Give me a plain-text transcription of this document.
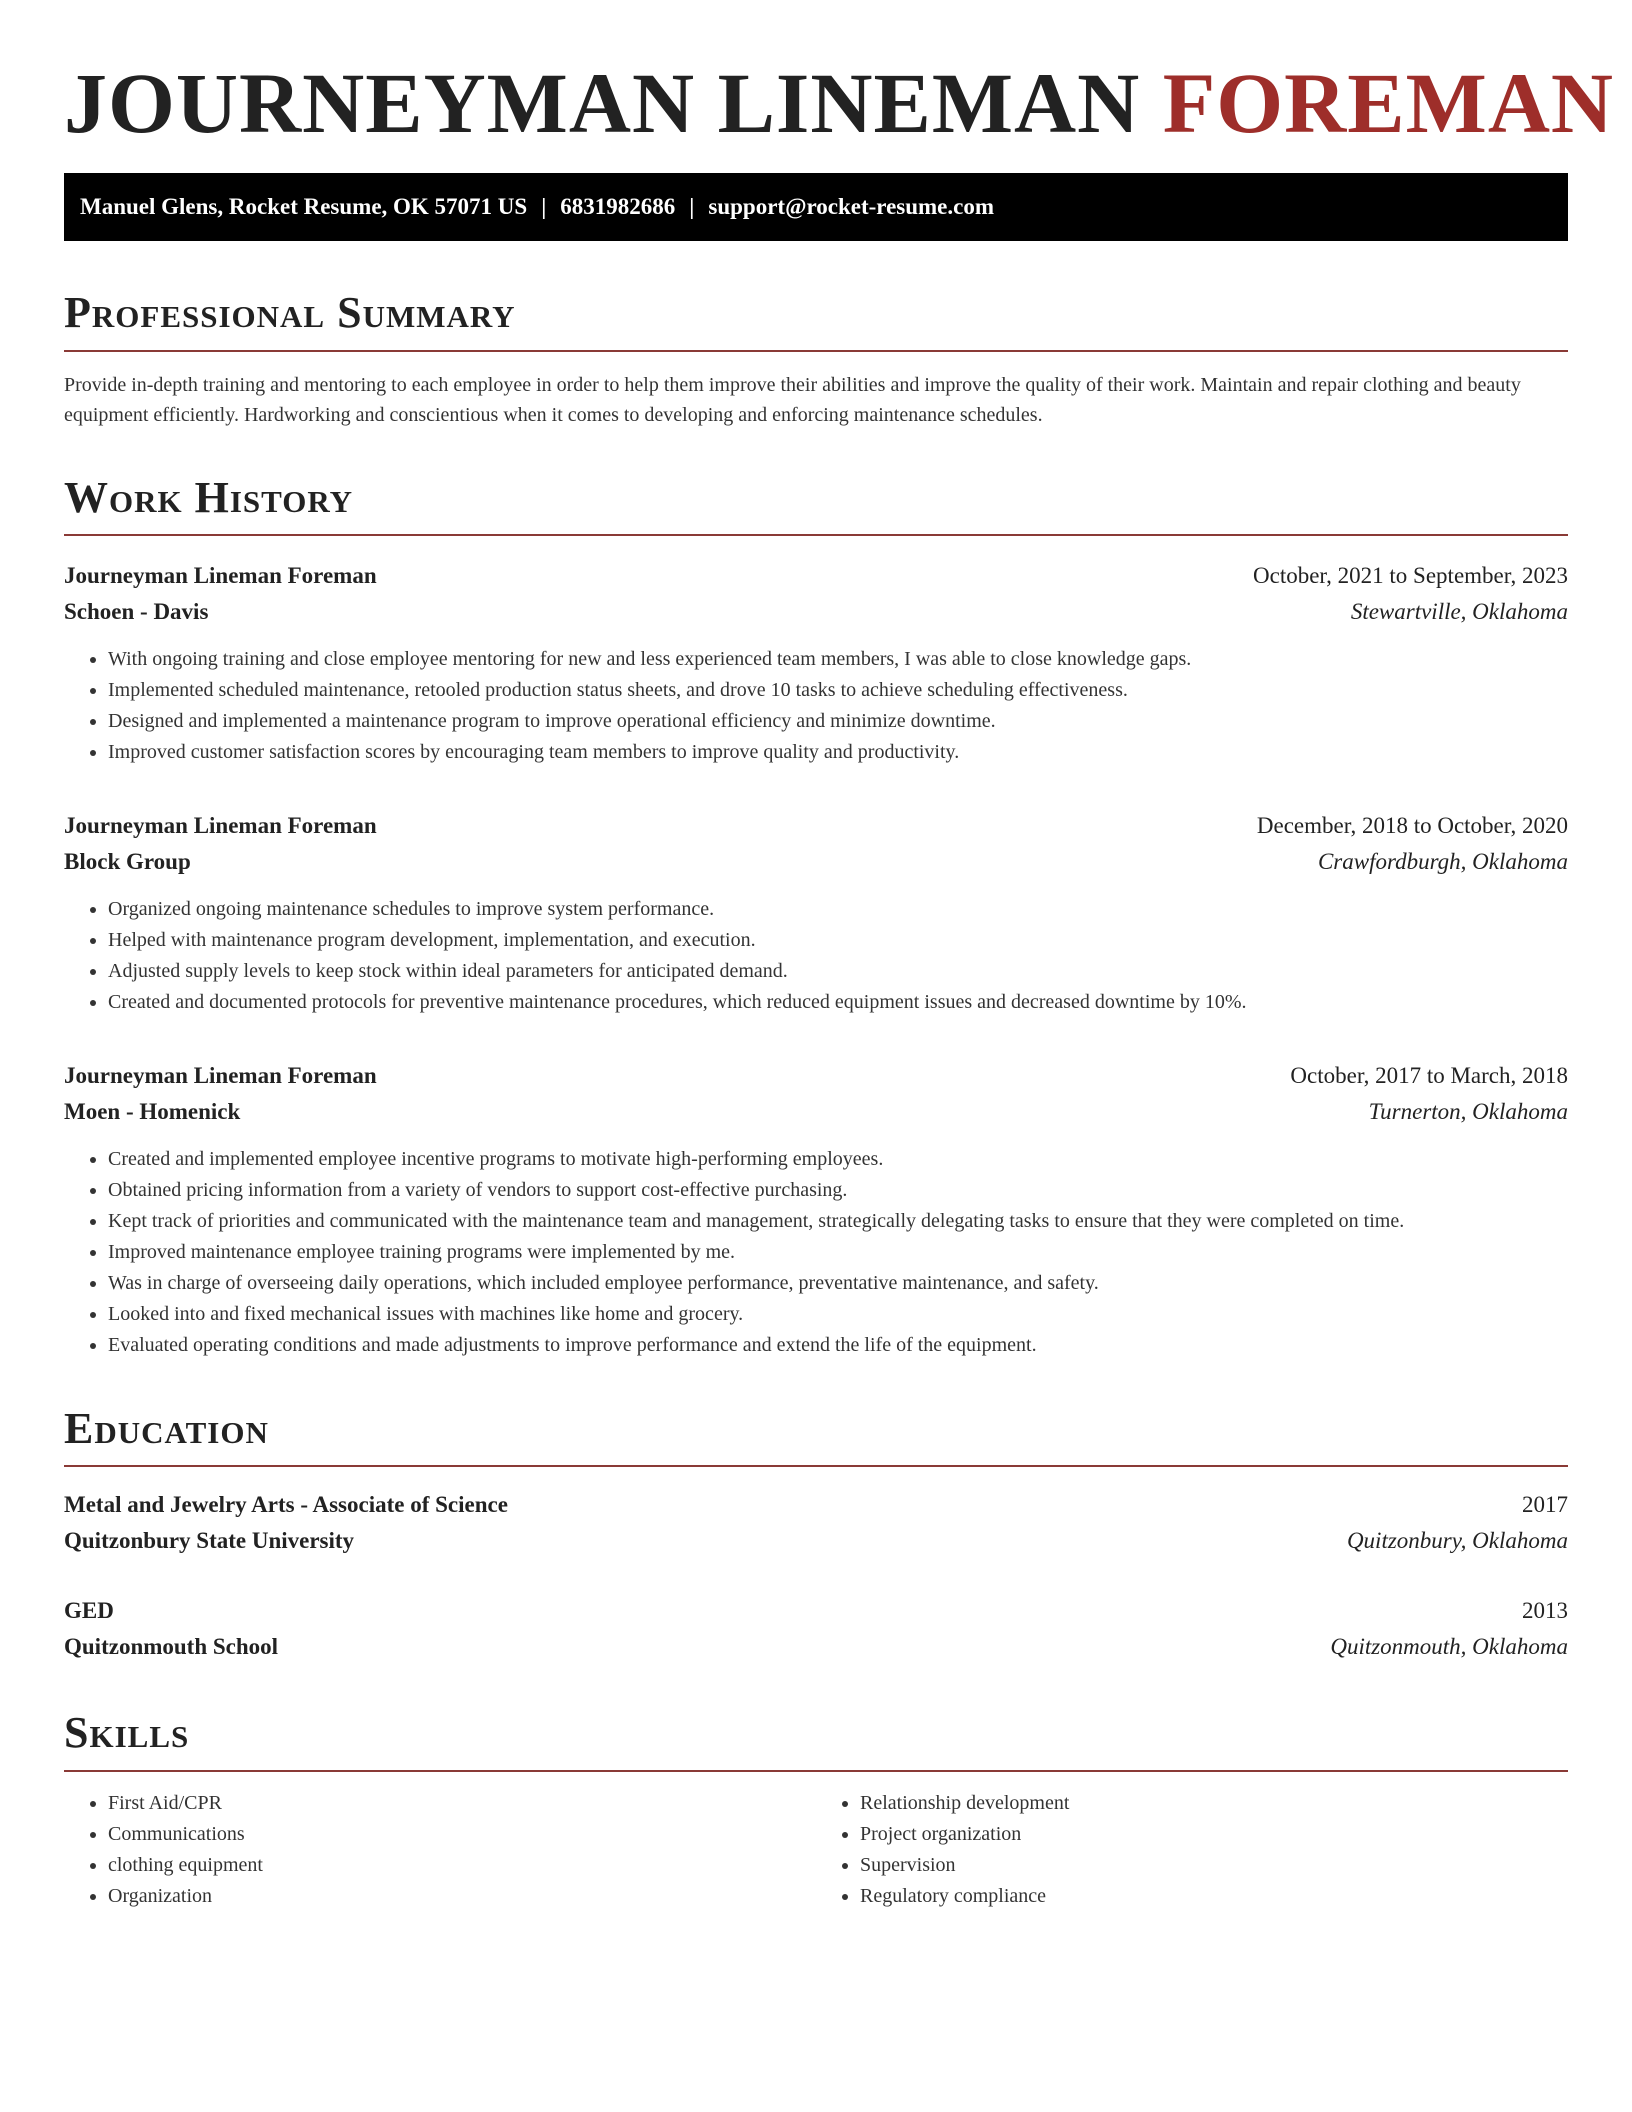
JOURNEYMAN LINEMAN FOREMAN
Manuel Glens, Rocket Resume, OK 57071 US | 6831982686 | support@rocket-resume.com
Professional Summary
Provide in-depth training and mentoring to each employee in order to help them improve their abilities and improve the quality of their work. Maintain and repair clothing and beauty equipment efficiently. Hardworking and conscientious when it comes to developing and enforcing maintenance schedules.
Work History
Journeyman Lineman Foreman	October, 2021 to September, 2023
Schoen - Davis	Stewartville, Oklahoma
• With ongoing training and close employee mentoring for new and less experienced team members, I was able to close knowledge gaps.
• Implemented scheduled maintenance, retooled production status sheets, and drove 10 tasks to achieve scheduling effectiveness.
• Designed and implemented a maintenance program to improve operational efficiency and minimize downtime.
• Improved customer satisfaction scores by encouraging team members to improve quality and productivity.
Journeyman Lineman Foreman	December, 2018 to October, 2020
Block Group	Crawfordburgh, Oklahoma
• Organized ongoing maintenance schedules to improve system performance.
• Helped with maintenance program development, implementation, and execution.
• Adjusted supply levels to keep stock within ideal parameters for anticipated demand.
• Created and documented protocols for preventive maintenance procedures, which reduced equipment issues and decreased downtime by 10%.
Journeyman Lineman Foreman	October, 2017 to March, 2018
Moen - Homenick	Turnerton, Oklahoma
• Created and implemented employee incentive programs to motivate high-performing employees.
• Obtained pricing information from a variety of vendors to support cost-effective purchasing.
• Kept track of priorities and communicated with the maintenance team and management, strategically delegating tasks to ensure that they were completed on time.
• Improved maintenance employee training programs were implemented by me.
• Was in charge of overseeing daily operations, which included employee performance, preventative maintenance, and safety.
• Looked into and fixed mechanical issues with machines like home and grocery.
• Evaluated operating conditions and made adjustments to improve performance and extend the life of the equipment.
Education
Metal and Jewelry Arts - Associate of Science	2017
Quitzonbury State University	Quitzonbury, Oklahoma
GED	2013
Quitzonmouth School	Quitzonmouth, Oklahoma
Skills
• First Aid/CPR
• Communications
• clothing equipment
• Organization
• Relationship development
• Project organization
• Supervision
• Regulatory compliance
